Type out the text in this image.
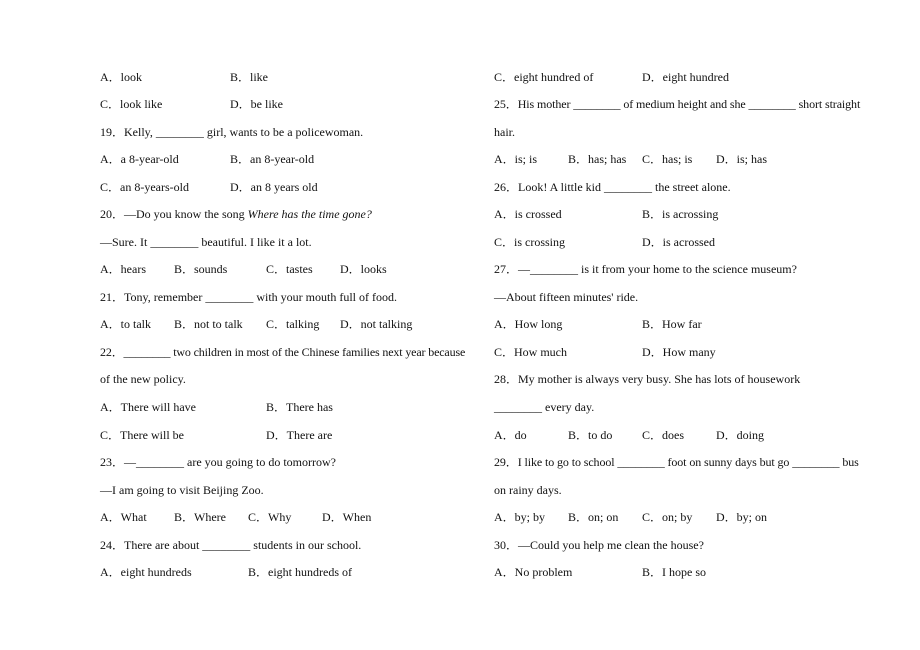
A．look	B．like
C．look like	D．be like
19．Kelly, ________ girl, wants to be a policewoman.
A．a 8-year-old	B．an 8-year-old
C．an 8-years-old	D．an 8 years old
20．—Do you know the song Where has the time gone?
—Sure. It ________ beautiful. I like it a lot.
A．hears B．sounds	C．tastes D．looks
21．Tony, remember ________ with your mouth full of food.
A．to talk B．not to talk C．talking D．not talking
22．________ two children in most of the Chinese families next year because
of the new policy.
A．There will have	B．There has
C．There will be	D．There are
23．—________ are you going to do tomorrow?
—I am going to visit Beijing Zoo.
A．What B．Where C．Why	D．When
24．There are about ________ students in our school.
A．eight hundreds	B．eight hundreds of
C．eight hundred of	D．eight hundred
25．His mother ________ of medium height and she ________ short straight
hair.
A．is; is	B．has; has C．has; is D．is; has
26．Look! A little kid ________ the street alone.
A．is crossed	B．is acrossing
C．is crossing	D．is acrossed
27．—________ is it from your home to the science museum?
—About fifteen minutes' ride.
A．How long	B．How far
C．How much	D．How many
28．My mother is always very busy. She has lots of housework
________ every day.
A．do	B．to do C．does	D．doing
29．I like to go to school ________ foot on sunny days but go ________ bus
on rainy days.
A．by; by B．on; on C．on; by D．by; on
30．—Could you help me clean the house?
A．No problem	B．I hope so
